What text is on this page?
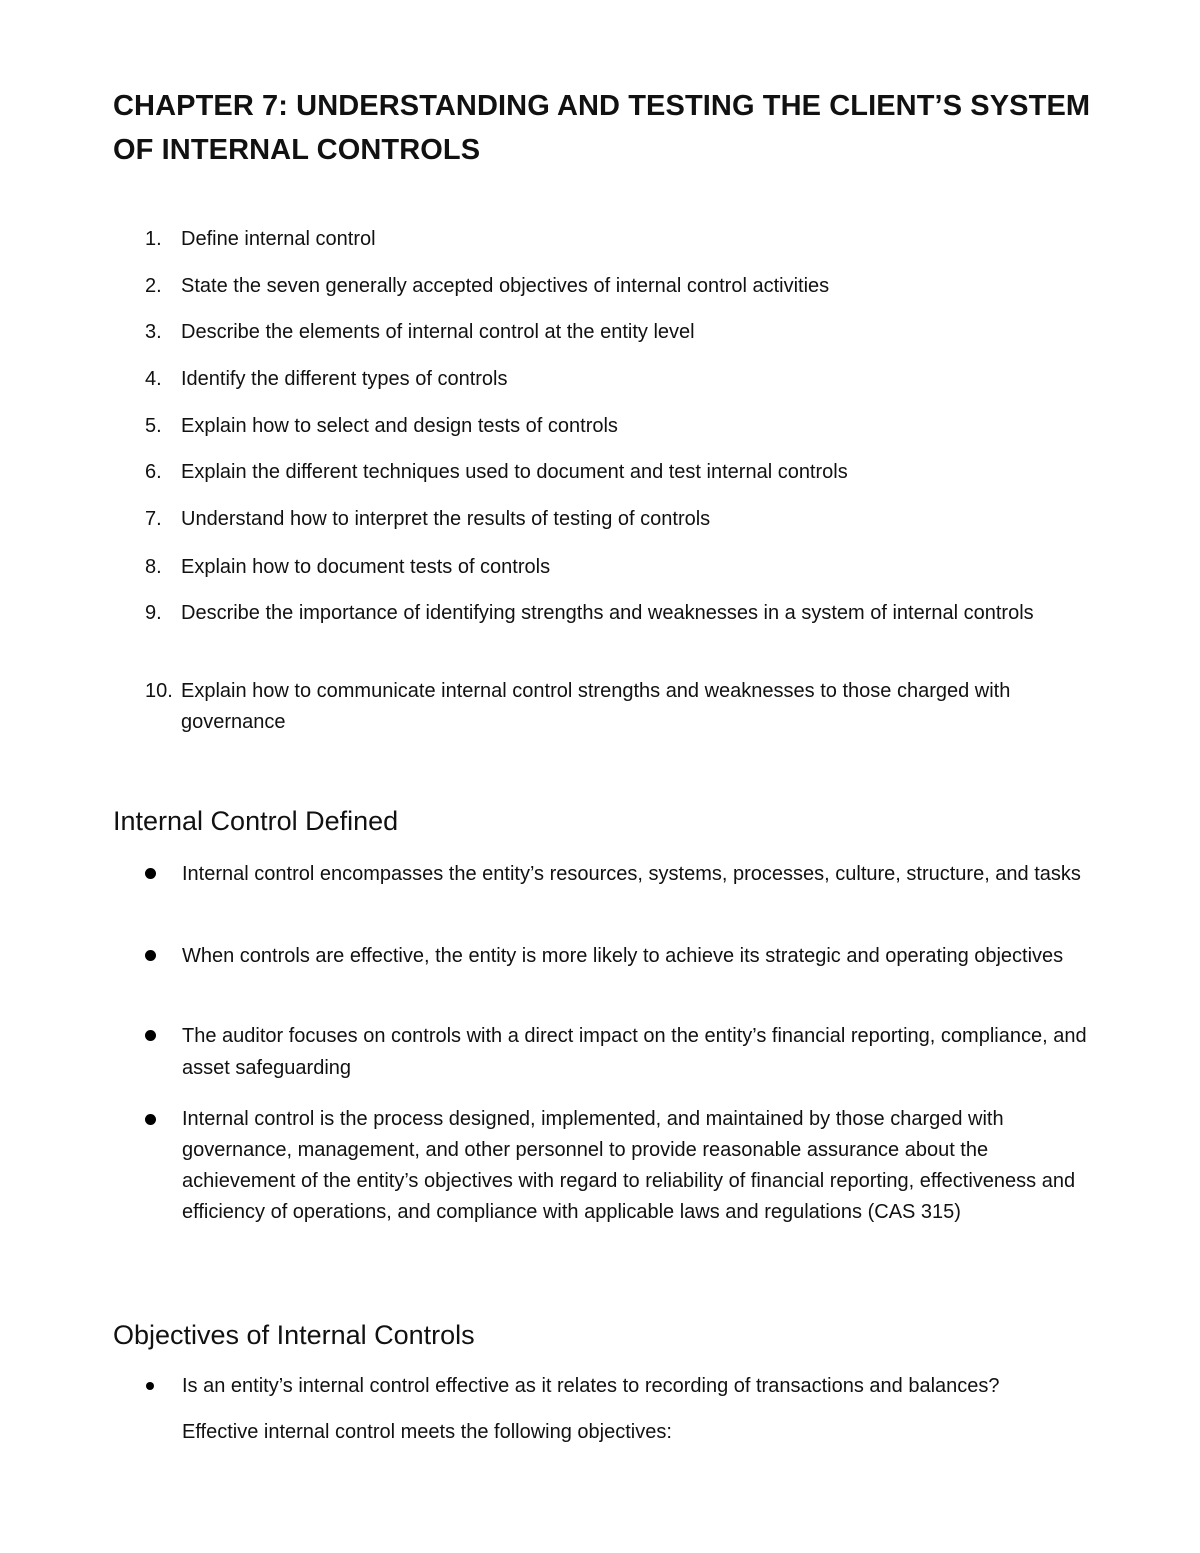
CHAPTER 7: UNDERSTANDING AND TESTING THE CLIENT’S SYSTEM OF INTERNAL CONTROLS
1. Define internal control
2. State the seven generally accepted objectives of internal control activities
3. Describe the elements of internal control at the entity level
4. Identify the different types of controls
5. Explain how to select and design tests of controls
6. Explain the different techniques used to document and test internal controls
7. Understand how to interpret the results of testing of controls
8. Explain how to document tests of controls
9. Describe the importance of identifying strengths and weaknesses in a system of internal controls
10. Explain how to communicate internal control strengths and weaknesses to those charged with governance
Internal Control Defined
Internal control encompasses the entity’s resources, systems, processes, culture, structure, and tasks
When controls are effective, the entity is more likely to achieve its strategic and operating objectives
The auditor focuses on controls with a direct impact on the entity’s financial reporting, compliance, and asset safeguarding
Internal control is the process designed, implemented, and maintained by those charged with governance, management, and other personnel to provide reasonable assurance about the achievement of the entity’s objectives with regard to reliability of financial reporting, effectiveness and efficiency of operations, and compliance with applicable laws and regulations (CAS 315)
Objectives of Internal Controls
Is an entity’s internal control effective as it relates to recording of transactions and balances?

Effective internal control meets the following objectives:
